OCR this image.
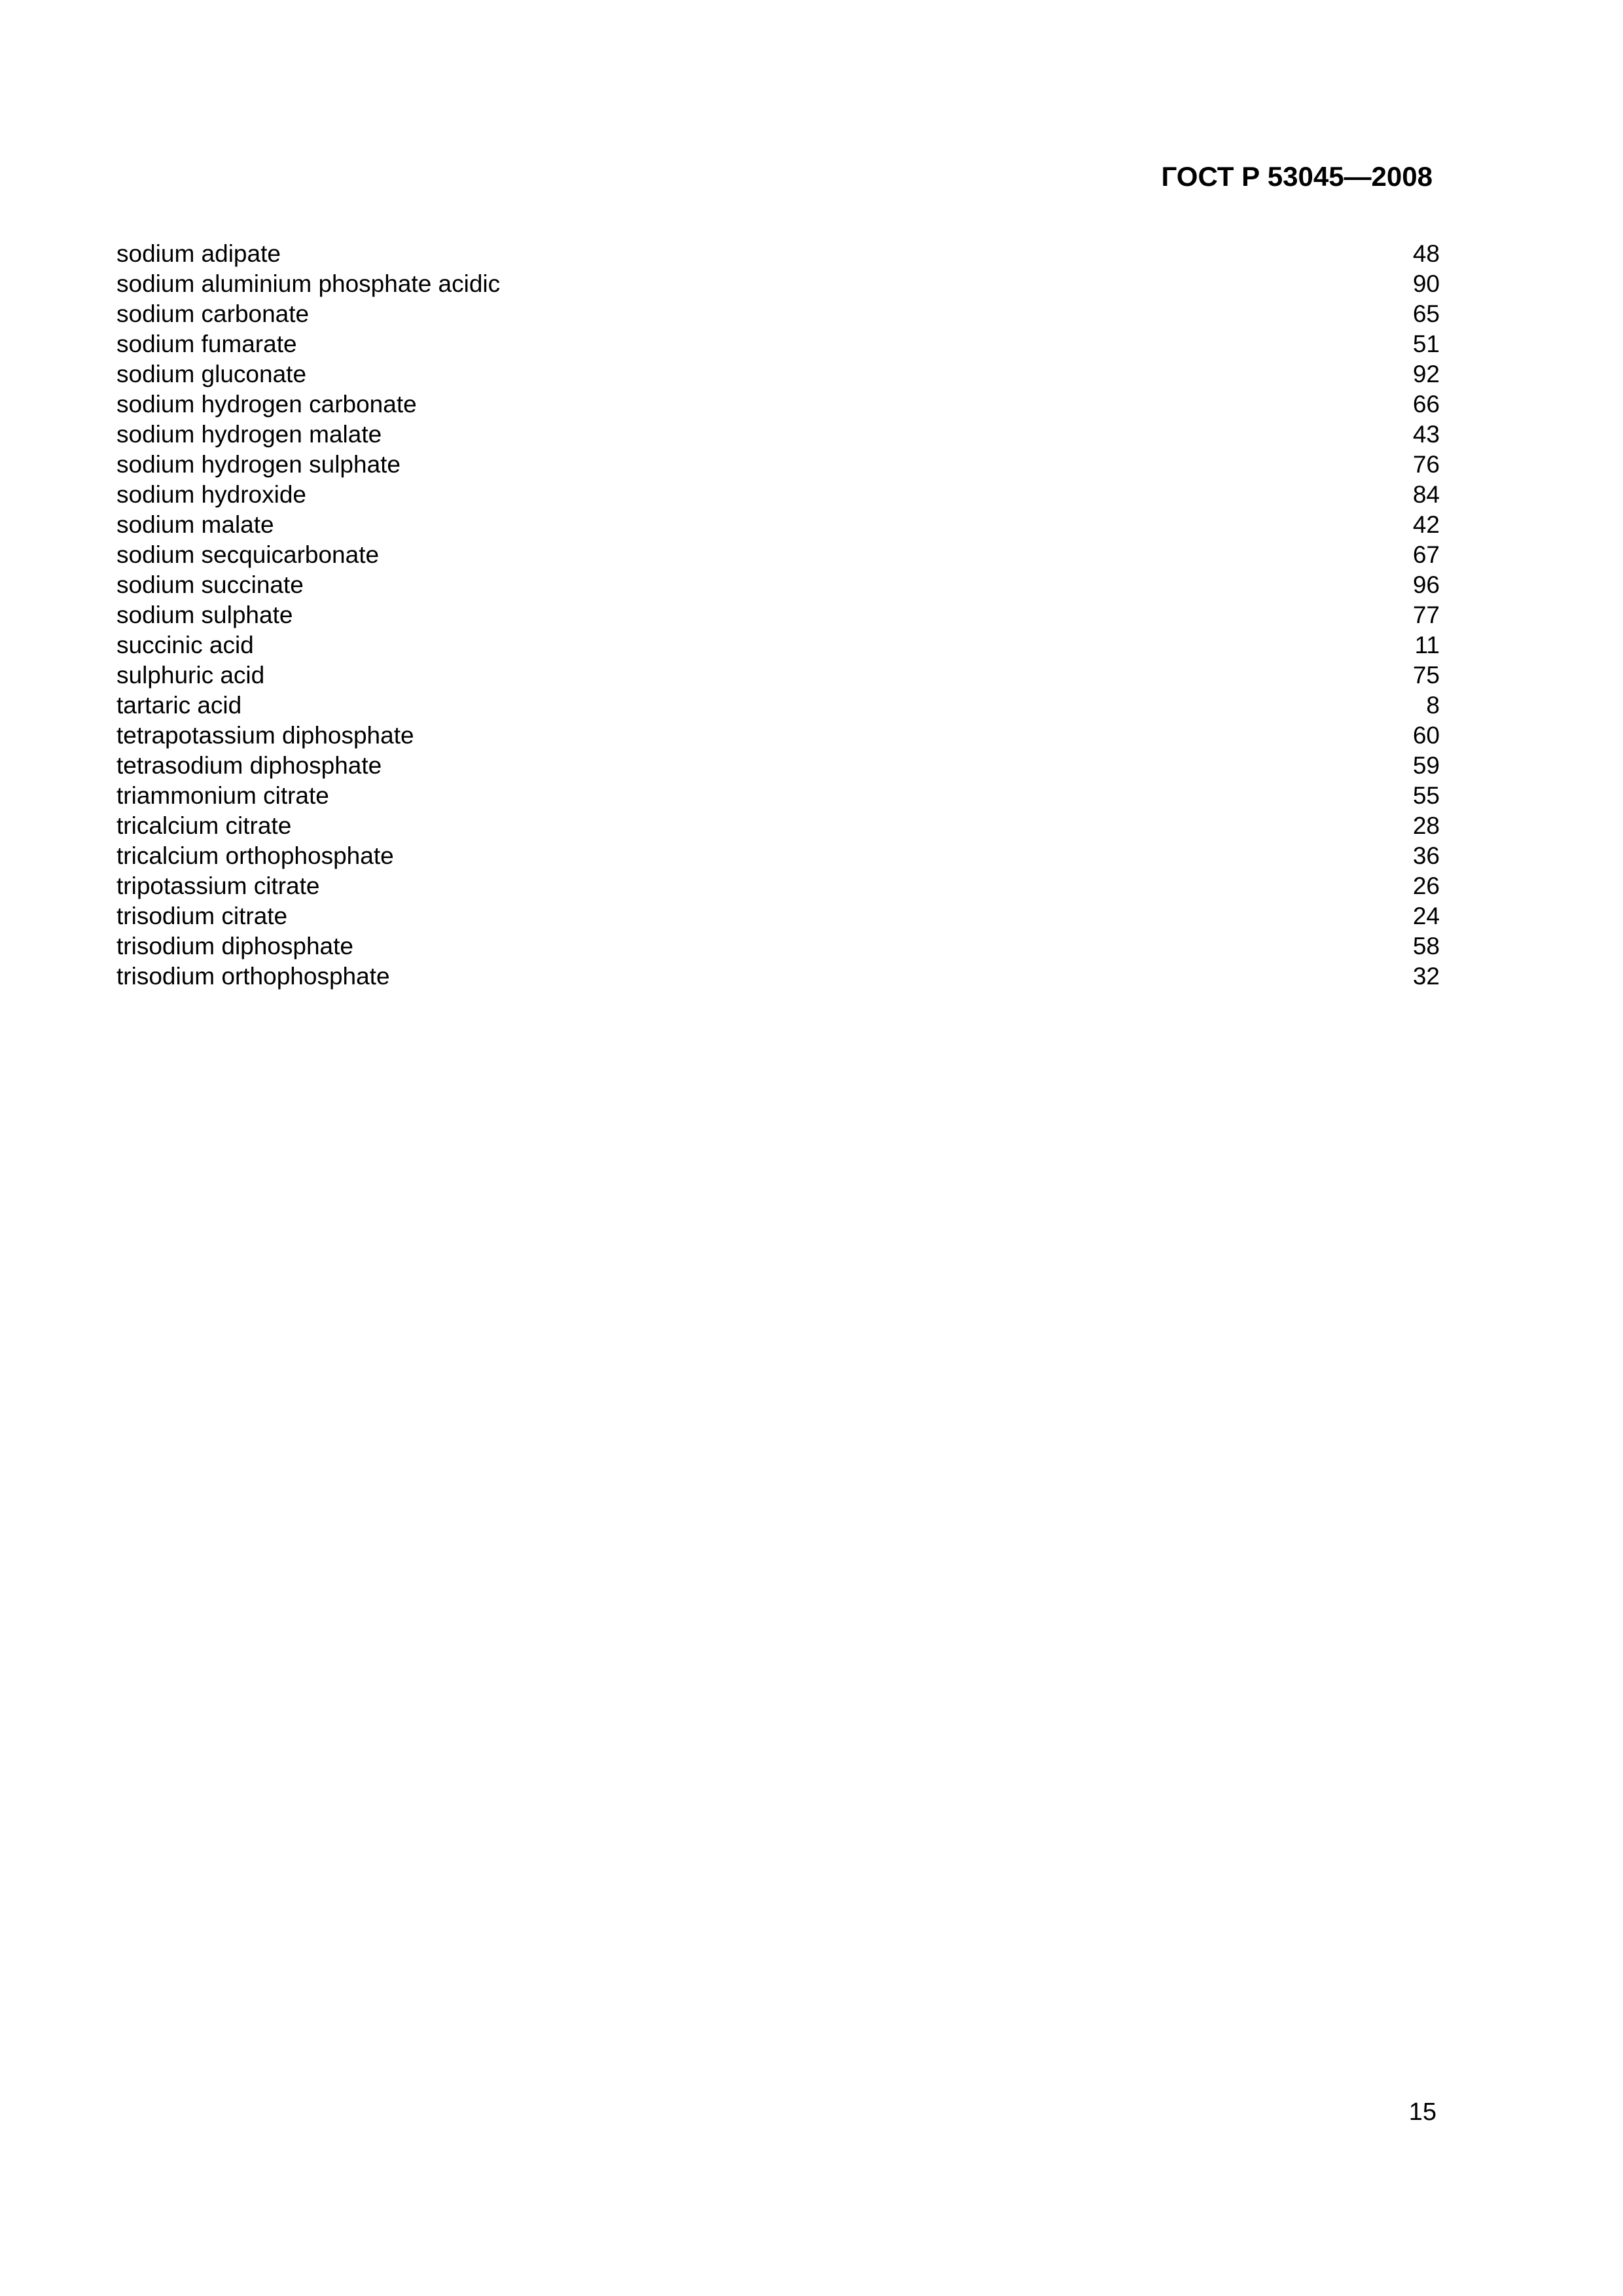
ГОСТ Р 53045—2008
sodium adipate	48
sodium aluminium phosphate acidic	90
sodium carbonate	65
sodium fumarate	51
sodium gluconate	92
sodium hydrogen carbonate	66
sodium hydrogen malate	43
sodium hydrogen sulphate	76
sodium hydroxide	84
sodium malate	42
sodium secquicarbonate	67
sodium succinate	96
sodium sulphate	77
succinic acid	11
sulphuric acid	75
tartaric acid	8
tetrapotassium diphosphate	60
tetrasodium diphosphate	59
triammonium citrate	55
tricalcium citrate	28
tricalcium orthophosphate	36
tripotassium citrate	26
trisodium citrate	24
trisodium diphosphate	58
trisodium orthophosphate	32
15
